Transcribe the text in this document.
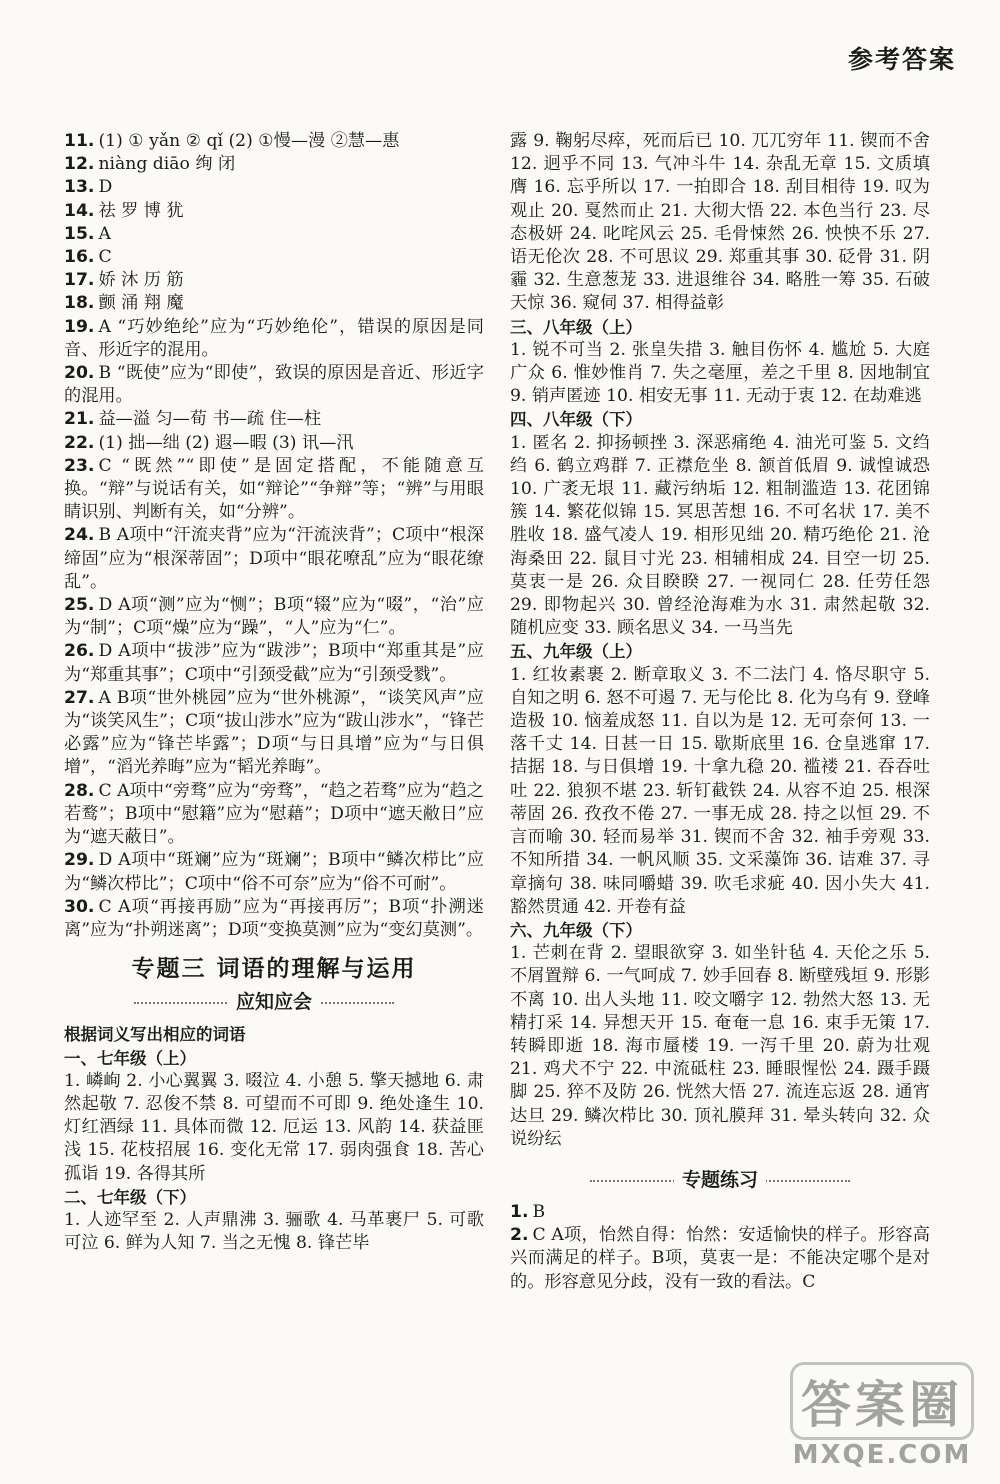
参考答案
11. (1) ① yǎn ② qǐ (2) ①慢—漫 ②慧—惠
12. niàng diāo 绚 闭
13. D
14. 祛 罗 博 犹
15. A
16. C
17. 娇 沐 历 筋
18. 颤 涌 翔 魔
19. A “巧妙绝纶”应为“巧妙绝伦”，错误的原因是同音、形近字的混用。
20. B “既使”应为“即使”，致误的原因是音近、形近字的混用。
21. 益—溢 匀—荀 书—疏 住—柱
22. (1) 拙—绌 (2) 遐—暇 (3) 讯—汛
23. C “既然”“即使”是固定搭配，不能随意互换。“辩”与说话有关，如“辩论”“争辩”等；“辨”与用眼睛识别、判断有关，如“分辨”。
24. B A项中“汗流夹背”应为“汗流浃背”；C项中“根深缔固”应为“根深蒂固”；D项中“眼花嘹乱”应为“眼花缭乱”。
25. D A项“测”应为“恻”；B项“辍”应为“啜”，“治”应为“制”；C项“燥”应为“躁”，“人”应为“仁”。
26. D A项中“拔涉”应为“跋涉”；B项中“郑重其是”应为“郑重其事”；C项中“引颈受截”应为“引颈受戮”。
27. A B项“世外桃园”应为“世外桃源”，“谈笑风声”应为“谈笑风生”；C项“拔山涉水”应为“跋山涉水”，“锋芒必露”应为“锋芒毕露”；D项“与日具增”应为“与日俱增”，“滔光养晦”应为“韬光养晦”。
28. C A项中“旁骛”应为“旁骛”，“趋之若骛”应为“趋之若鹜”；B项中“慰籍”应为“慰藉”；D项中“遮天敝日”应为“遮天蔽日”。
29. D A项中“斑斓”应为“斑斓”；B项中“鳞次栉比”应为“鳞次栉比”；C项中“俗不可奈”应为“俗不可耐”。
30. C A项“再接再励”应为“再接再厉”；B项“扑溯迷离”应为“扑朔迷离”；D项“变换莫测”应为“变幻莫测”。
专题三 词语的理解与运用
应知应会
根据词义写出相应的词语
一、七年级（上）
1. 嶙峋 2. 小心翼翼 3. 啜泣 4. 小憩 5. 擎天撼地 6. 肃然起敬 7. 忍俊不禁 8. 可望而不可即 9. 绝处逢生 10. 灯红酒绿 11. 具体而微 12. 厄运 13. 风韵 14. 获益匪浅 15. 花枝招展 16. 变化无常 17. 弱肉强食 18. 苦心孤诣 19. 各得其所
二、七年级（下）
1. 人迹罕至 2. 人声鼎沸 3. 骊歌 4. 马革裹尸 5. 可歌可泣 6. 鲜为人知 7. 当之无愧 8. 锋芒毕
露 9. 鞠躬尽瘁，死而后已 10. 兀兀穷年 11. 锲而不舍 12. 迥乎不同 13. 气冲斗牛 14. 杂乱无章 15. 文质填膺 16. 忘乎所以 17. 一拍即合 18. 刮目相待 19. 叹为观止 20. 戛然而止 21. 大彻大悟 22. 本色当行 23. 尽态极妍 24. 叱咤风云 25. 毛骨悚然 26. 怏怏不乐 27. 语无伦次 28. 不可思议 29. 郑重其事 30. 砭骨 31. 阴霾 32. 生意葱茏 33. 进退维谷 34. 略胜一筹 35. 石破天惊 36. 窥伺 37. 相得益彰
三、八年级（上）
1. 锐不可当 2. 张皇失措 3. 触目伤怀 4. 尴尬 5. 大庭广众 6. 惟妙惟肖 7. 失之毫厘，差之千里 8. 因地制宜 9. 销声匿迹 10. 相安无事 11. 无动于衷 12. 在劫难逃
四、八年级（下）
1. 匿名 2. 抑扬顿挫 3. 深恶痛绝 4. 油光可鉴 5. 文绉绉 6. 鹤立鸡群 7. 正襟危坐 8. 颔首低眉 9. 诚惶诚恐 10. 广袤无垠 11. 藏污纳垢 12. 粗制滥造 13. 花团锦簇 14. 繁花似锦 15. 冥思苦想 16. 不可名状 17. 美不胜收 18. 盛气凌人 19. 相形见绌 20. 精巧绝伦 21. 沧海桑田 22. 鼠目寸光 23. 相辅相成 24. 目空一切 25. 莫衷一是 26. 众目睽睽 27. 一视同仁 28. 任劳任怨 29. 即物起兴 30. 曾经沧海难为水 31. 肃然起敬 32. 随机应变 33. 顾名思义 34. 一马当先
五、九年级（上）
1. 红妆素裹 2. 断章取义 3. 不二法门 4. 恪尽职守 5. 自知之明 6. 怒不可遏 7. 无与伦比 8. 化为乌有 9. 登峰造极 10. 恼羞成怒 11. 自以为是 12. 无可奈何 13. 一落千丈 14. 日甚一日 15. 歇斯底里 16. 仓皇逃窜 17. 拮据 18. 与日俱增 19. 十拿九稳 20. 褴褛 21. 吞吞吐吐 22. 狼狈不堪 23. 斩钉截铁 24. 从容不迫 25. 根深蒂固 26. 孜孜不倦 27. 一事无成 28. 持之以恒 29. 不言而喻 30. 轻而易举 31. 锲而不舍 32. 袖手旁观 33. 不知所措 34. 一帆风顺 35. 文采藻饰 36. 诘难 37. 寻章摘句 38. 味同嚼蜡 39. 吹毛求疵 40. 因小失大 41. 豁然贯通 42. 开卷有益
六、九年级（下）
1. 芒刺在背 2. 望眼欲穿 3. 如坐针毡 4. 天伦之乐 5. 不屑置辩 6. 一气呵成 7. 妙手回春 8. 断壁残垣 9. 形影不离 10. 出人头地 11. 咬文嚼字 12. 勃然大怒 13. 无精打采 14. 异想天开 15. 奄奄一息 16. 束手无策 17. 转瞬即逝 18. 海市蜃楼 19. 一泻千里 20. 蔚为壮观 21. 鸡犬不宁 22. 中流砥柱 23. 睡眼惺忪 24. 蹑手蹑脚 25. 猝不及防 26. 恍然大悟 27. 流连忘返 28. 通宵达旦 29. 鳞次栉比 30. 顶礼膜拜 31. 晕头转向 32. 众说纷纭
专题练习
1. B
2. C A项，怡然自得：怡然：安适愉快的样子。形容高兴而满足的样子。B项，莫衷一是：不能决定哪个是对的。形容意见分歧，没有一致的看法。C
答案圈
MXQE.COM
